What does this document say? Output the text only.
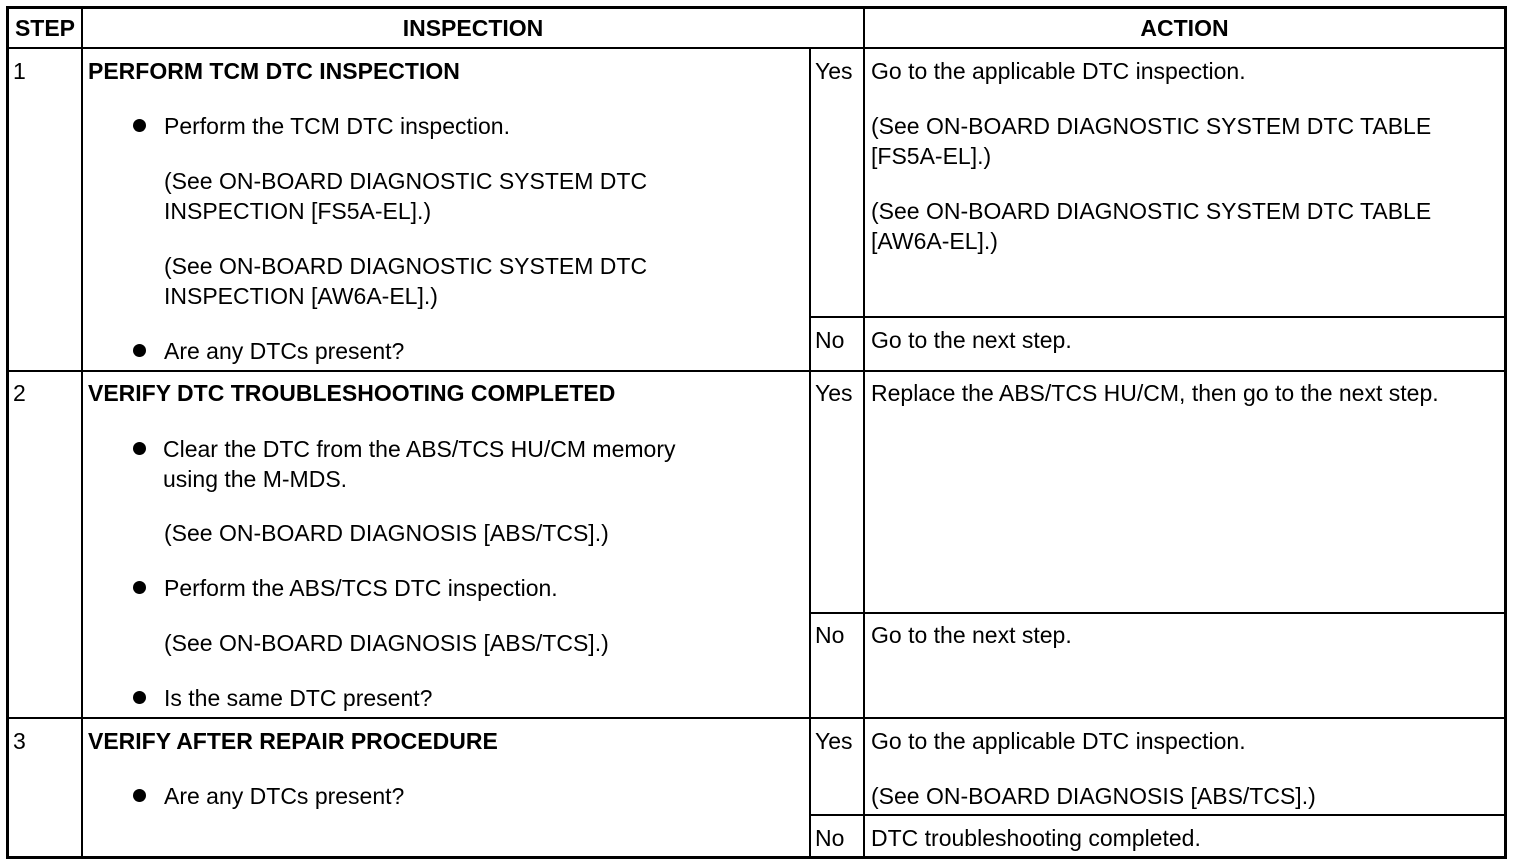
STEP	INSPECTION	ACTION
1	PERFORM TCM DTC INSPECTION
Perform the TCM DTC inspection.
(See ON-BOARD DIAGNOSTIC SYSTEM DTC
INSPECTION [FS5A-EL].)
(See ON-BOARD DIAGNOSTIC SYSTEM DTC
INSPECTION [AW6A-EL].)
Are any DTCs present?
Yes Go to the applicable DTC inspection.
(See ON-BOARD DIAGNOSTIC SYSTEM DTC TABLE
[FS5A-EL].)
(See ON-BOARD DIAGNOSTIC SYSTEM DTC TABLE
[AW6A-EL].)
No Go to the next step.
2	VERIFY DTC TROUBLESHOOTING COMPLETED
Clear the DTC from the ABS/TCS HU/CM memory
using the M-MDS.
(See ON-BOARD DIAGNOSIS [ABS/TCS].)
Perform the ABS/TCS DTC inspection.
(See ON-BOARD DIAGNOSIS [ABS/TCS].)
Is the same DTC present?
Yes Replace the ABS/TCS HU/CM, then go to the next step.
No Go to the next step.
3	VERIFY AFTER REPAIR PROCEDURE
Are any DTCs present?
Yes Go to the applicable DTC inspection.
(See ON-BOARD DIAGNOSIS [ABS/TCS].)
No DTC troubleshooting completed.
